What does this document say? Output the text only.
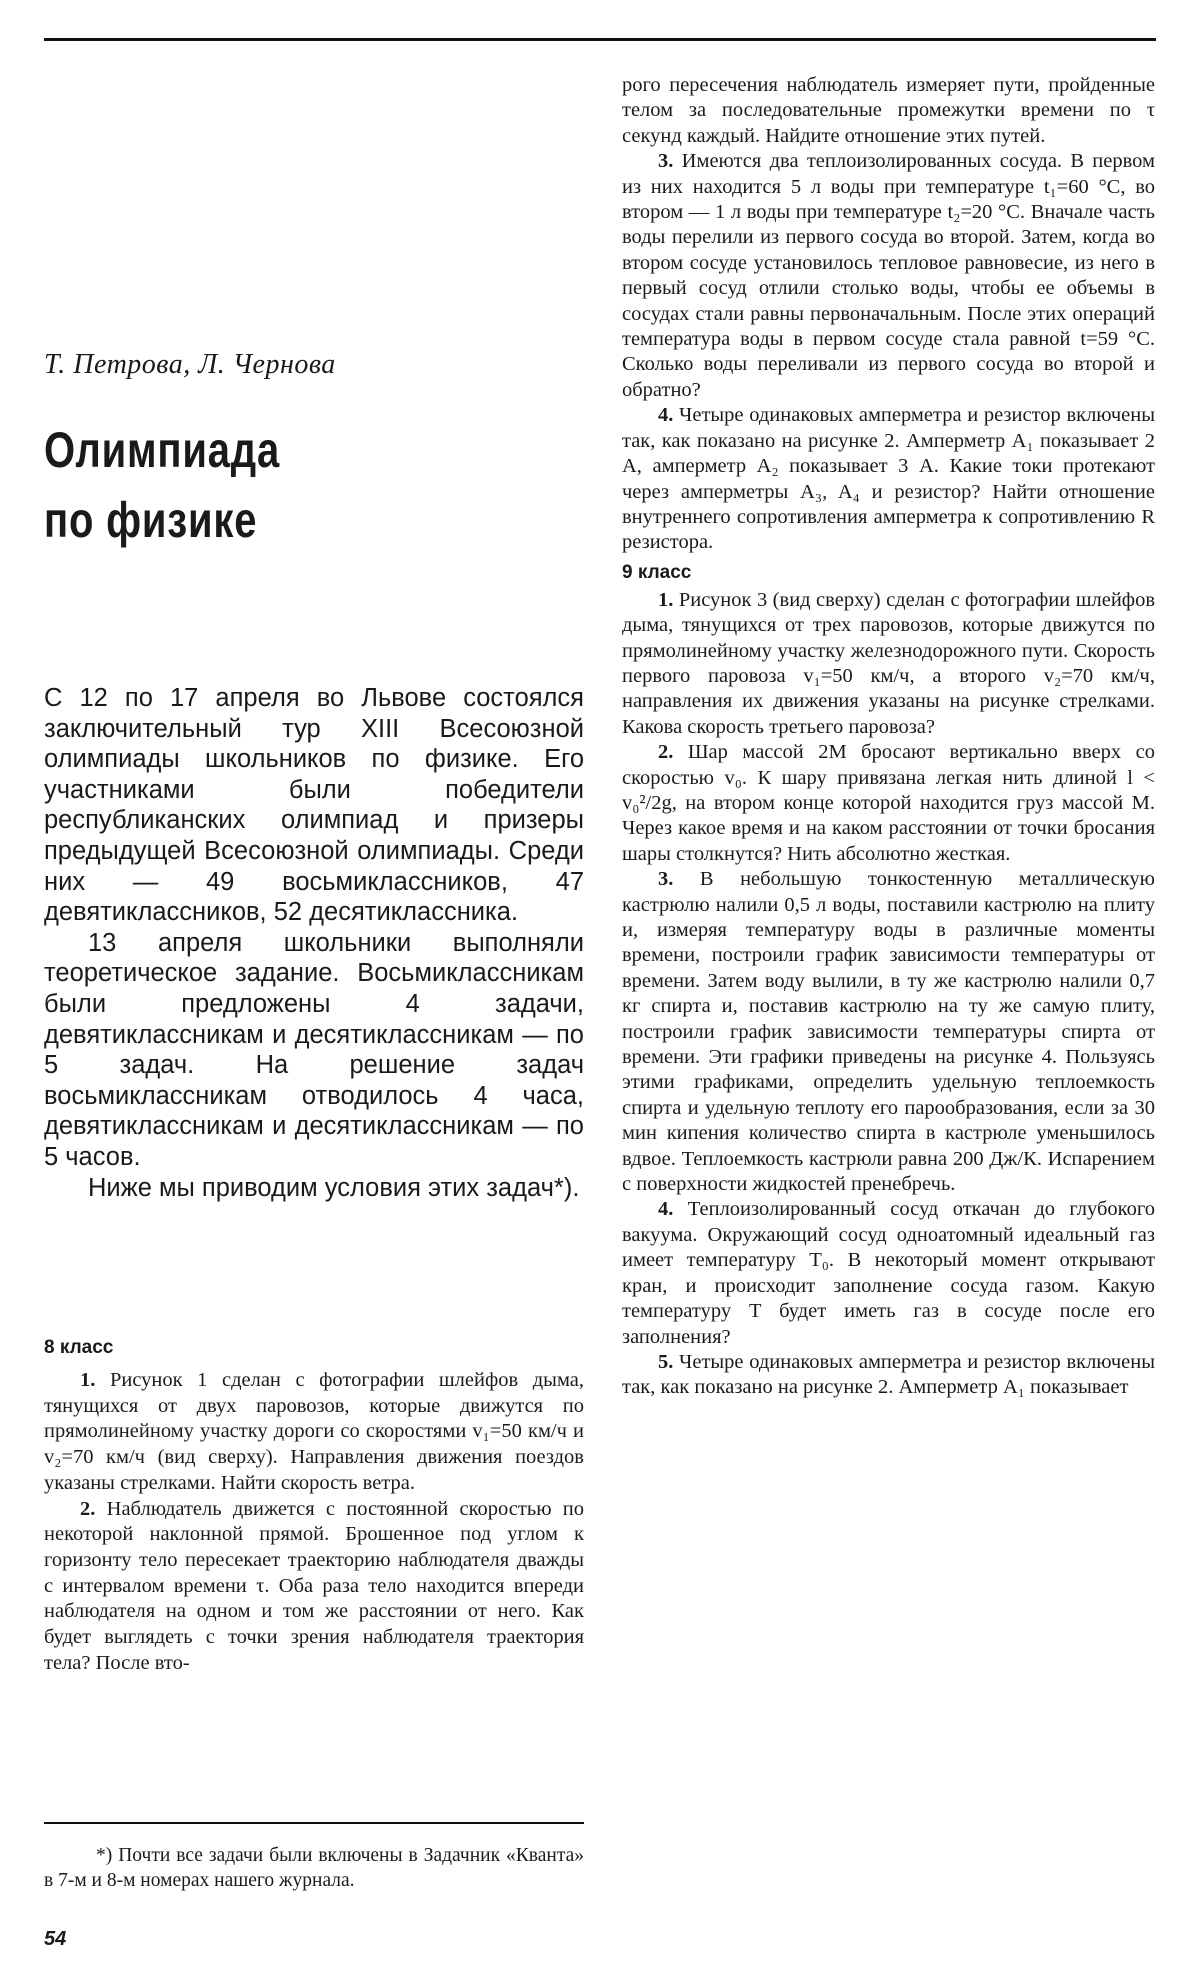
Т. Петрова, Л. Чернова
Олимпиада
по физике

С 12 по 17 апреля во Львове состоялся заключительный тур XIII Всесоюзной олимпиады школьников по физике. Его участниками были победители республиканских олимпиад и призеры предыдущей Всесоюзной олимпиады. Среди них — 49 восьмиклассников, 47 девятиклассников, 52 десятиклассника.

13 апреля школьники выполняли теоретическое задание. Восьмиклассникам были предложены 4 задачи, девятиклассникам и десятиклассникам — по 5 задач. На решение задач восьмиклассникам отводилось 4 часа, девятиклассникам и десятиклассникам — по 5 часов.

Ниже мы приводим условия этих задач*).

8 класс

1. Рисунок 1 сделан с фотографии шлейфов дыма, тянущихся от двух паровозов, которые движутся по прямолинейному участку дороги со скоростями v₁=50 км/ч и v₂=70 км/ч (вид сверху). Направления движения поездов указаны стрелками. Найти скорость ветра.

2. Наблюдатель движется с постоянной скоростью по некоторой наклонной прямой. Брошенное под углом к горизонту тело пересекает траекторию наблюдателя дважды с интервалом времени τ. Оба раза тело находится впереди наблюдателя на одном и том же расстоянии от него. Как будет выглядеть с точки зрения наблюдателя траектория тела? После вто-

*) Почти все задачи были включены в Задачник «Кванта» в 7-м и 8-м номерах нашего журнала.

рого пересечения наблюдатель измеряет пути, пройденные телом за последовательные промежутки времени по τ секунд каждый. Найдите отношение этих путей.

3. Имеются два теплоизолированных сосуда. В первом из них находится 5 л воды при температуре t₁=60 °С, во втором — 1 л воды при температуре t₂=20 °С. Вначале часть воды перелили из первого сосуда во второй. Затем, когда во втором сосуде установилось тепловое равновесие, из него в первый сосуд отлили столько воды, чтобы ее объемы в сосудах стали равны первоначальным. После этих операций температура воды в первом сосуде стала равной t=59 °С. Сколько воды переливали из первого сосуда во второй и обратно?

4. Четыре одинаковых амперметра и резистор включены так, как показано на рисунке 2. Амперметр A₁ показывает 2 А, амперметр A₂ показывает 3 А. Какие токи протекают через амперметры A₃, A₄ и резистор? Найти отношение внутреннего сопротивления амперметра к сопротивлению R резистора.

9 класс

1. Рисунок 3 (вид сверху) сделан с фотографии шлейфов дыма, тянущихся от трех паровозов, которые движутся по прямолинейному участку железнодорожного пути. Скорость первого паровоза v₁=50 км/ч, а второго v₂=70 км/ч, направления их движения указаны на рисунке стрелками. Какова скорость третьего паровоза?

2. Шар массой 2M бросают вертикально вверх со скоростью v₀. К шару привязана легкая нить длиной l < v₀²/2g, на втором конце которой находится груз массой M. Через какое время и на каком расстоянии от точки бросания шары столкнутся? Нить абсолютно жесткая.

3. В небольшую тонкостенную металлическую кастрюлю налили 0,5 л воды, поставили кастрюлю на плиту и, измеряя температуру воды в различные моменты времени, построили график зависимости температуры от времени. Затем воду вылили, в ту же кастрюлю налили 0,7 кг спирта и, поставив кастрюлю на ту же самую плиту, построили график зависимости температуры спирта от времени. Эти графики приведены на рисунке 4. Пользуясь этими графиками, определить удельную теплоемкость спирта и удельную теплоту его парообразования, если за 30 мин кипения количество спирта в кастрюле уменьшилось вдвое. Теплоемкость кастрюли равна 200 Дж/К. Испарением с поверхности жидкостей пренебречь.

4. Теплоизолированный сосуд откачан до глубокого вакуума. Окружающий сосуд одноатомный идеальный газ имеет температуру T₀. В некоторый момент открывают кран, и происходит заполнение сосуда газом. Какую температуру T будет иметь газ в сосуде после его заполнения?

5. Четыре одинаковых амперметра и резистор включены так, как показано на рисунке 2. Амперметр A₁ показывает

54
